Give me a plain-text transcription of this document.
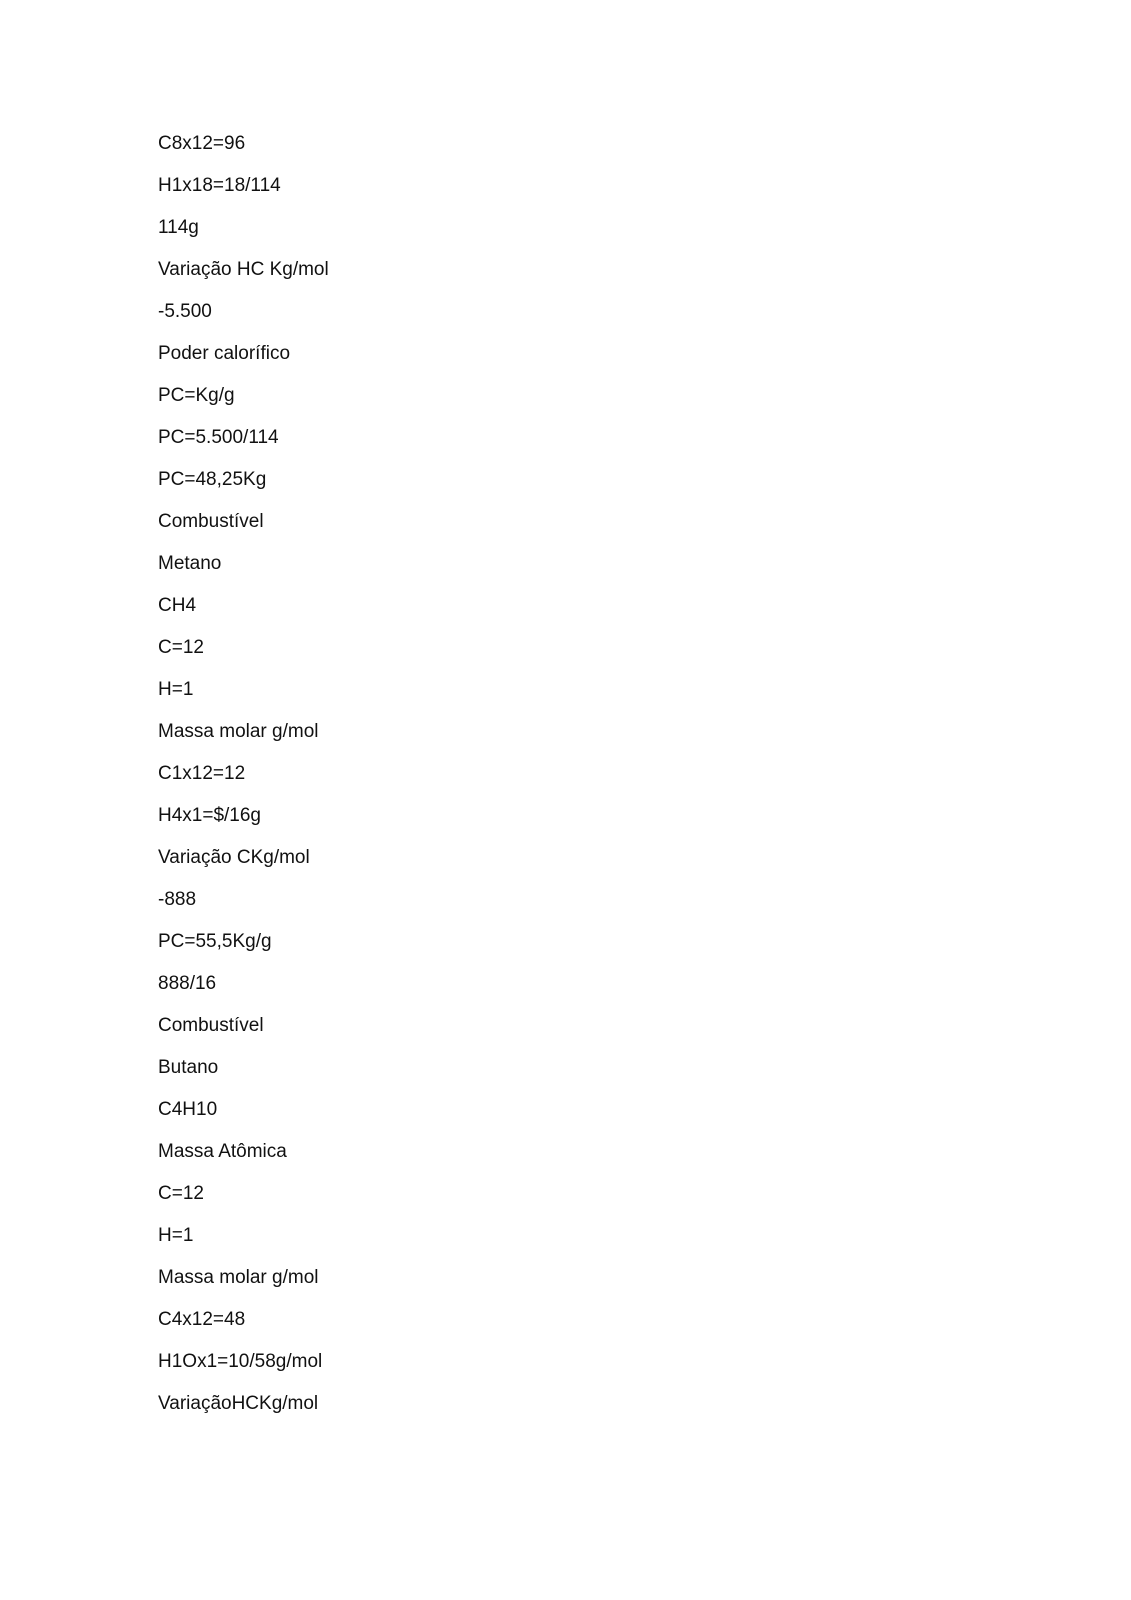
C8x12=96
H1x18=18/114
114g
Variação HC Kg/mol
-5.500
Poder calorífico
PC=Kg/g
PC=5.500/114
PC=48,25Kg
Combustível
Metano
CH4
C=12
H=1
Massa molar g/mol
C1x12=12
H4x1=$/16g
Variação CKg/mol
-888
PC=55,5Kg/g
888/16
Combustível
Butano
C4H10
Massa Atômica
C=12
H=1
Massa molar g/mol
C4x12=48
H1Ox1=10/58g/mol
VariaçãoHCKg/mol
